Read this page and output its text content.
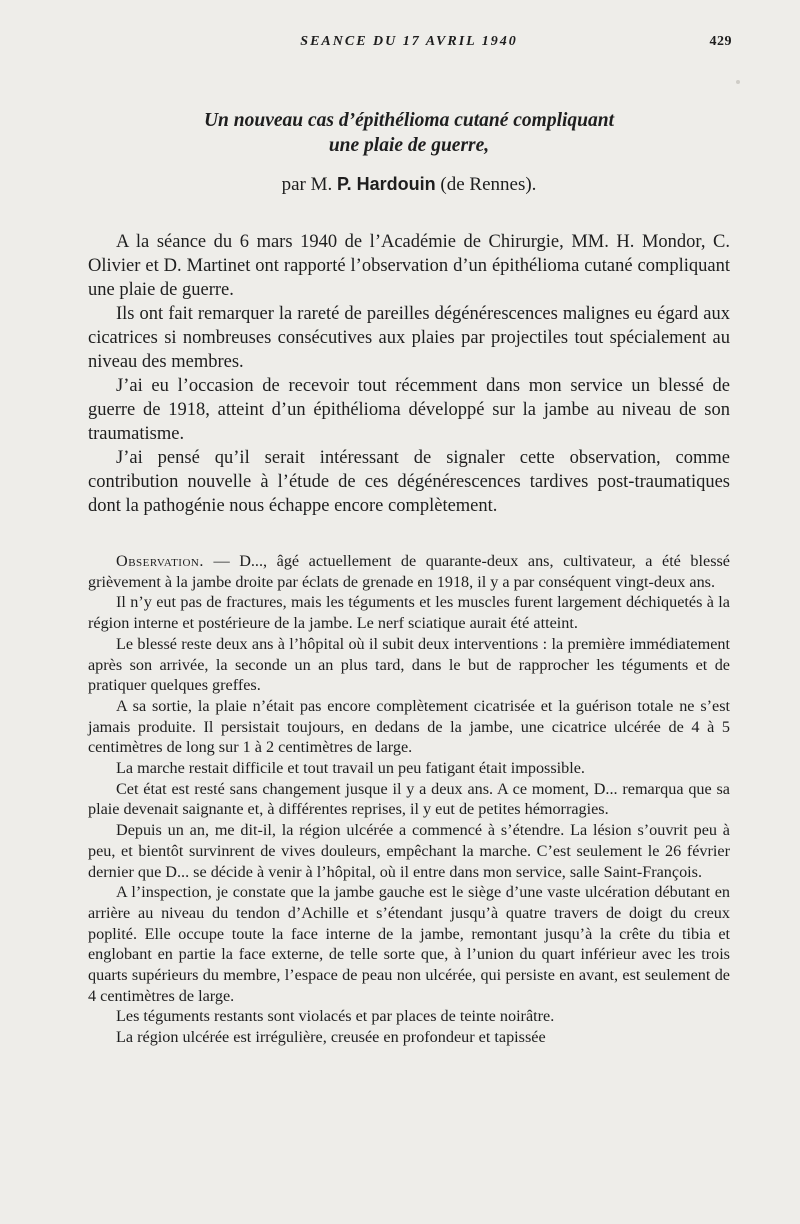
SEANCE DU 17 AVRIL 1940	429
Un nouveau cas d’épithélioma cutané compliquant
une plaie de guerre,
par M. P. Hardouin (de Rennes).

A la séance du 6 mars 1940 de l’Académie de Chirurgie, MM. H. Mondor, C. Olivier et D. Martinet ont rapporté l’observation d’un épithélioma cutané compliquant une plaie de guerre.

Ils ont fait remarquer la rareté de pareilles dégénérescences malignes eu égard aux cicatrices si nombreuses consécutives aux plaies par projectiles tout spécialement au niveau des membres.

J’ai eu l’occasion de recevoir tout récemment dans mon service un blessé de guerre de 1918, atteint d’un épithélioma développé sur la jambe au niveau de son traumatisme.

J’ai pensé qu’il serait intéressant de signaler cette observation, comme contribution nouvelle à l’étude de ces dégénérescences tardives post-traumatiques dont la pathogénie nous échappe encore complètement.

Observation. — D..., âgé actuellement de quarante-deux ans, cultivateur, a été blessé grièvement à la jambe droite par éclats de grenade en 1918, il y a par conséquent vingt-deux ans.

Il n’y eut pas de fractures, mais les téguments et les muscles furent largement déchiquetés à la région interne et postérieure de la jambe. Le nerf sciatique aurait été atteint.

Le blessé reste deux ans à l’hôpital où il subit deux interventions : la première immédiatement après son arrivée, la seconde un an plus tard, dans le but de rapprocher les téguments et de pratiquer quelques greffes.

A sa sortie, la plaie n’était pas encore complètement cicatrisée et la guérison totale ne s’est jamais produite. Il persistait toujours, en dedans de la jambe, une cicatrice ulcérée de 4 à 5 centimètres de long sur 1 à 2 centimètres de large.

La marche restait difficile et tout travail un peu fatigant était impossible.

Cet état est resté sans changement jusque il y a deux ans. A ce moment, D... remarqua que sa plaie devenait saignante et, à différentes reprises, il y eut de petites hémorragies.

Depuis un an, me dit-il, la région ulcérée a commencé à s’étendre. La lésion s’ouvrit peu à peu, et bientôt survinrent de vives douleurs, empêchant la marche. C’est seulement le 26 février dernier que D... se décide à venir à l’hôpital, où il entre dans mon service, salle Saint-François.

A l’inspection, je constate que la jambe gauche est le siège d’une vaste ulcération débutant en arrière au niveau du tendon d’Achille et s’étendant jusqu’à quatre travers de doigt du creux poplité. Elle occupe toute la face interne de la jambe, remontant jusqu’à la crête du tibia et englobant en partie la face externe, de telle sorte que, à l’union du quart inférieur avec les trois quarts supérieurs du membre, l’espace de peau non ulcérée, qui persiste en avant, est seulement de 4 centimètres de large.

Les téguments restants sont violacés et par places de teinte noirâtre.

La région ulcérée est irrégulière, creusée en profondeur et tapissée
